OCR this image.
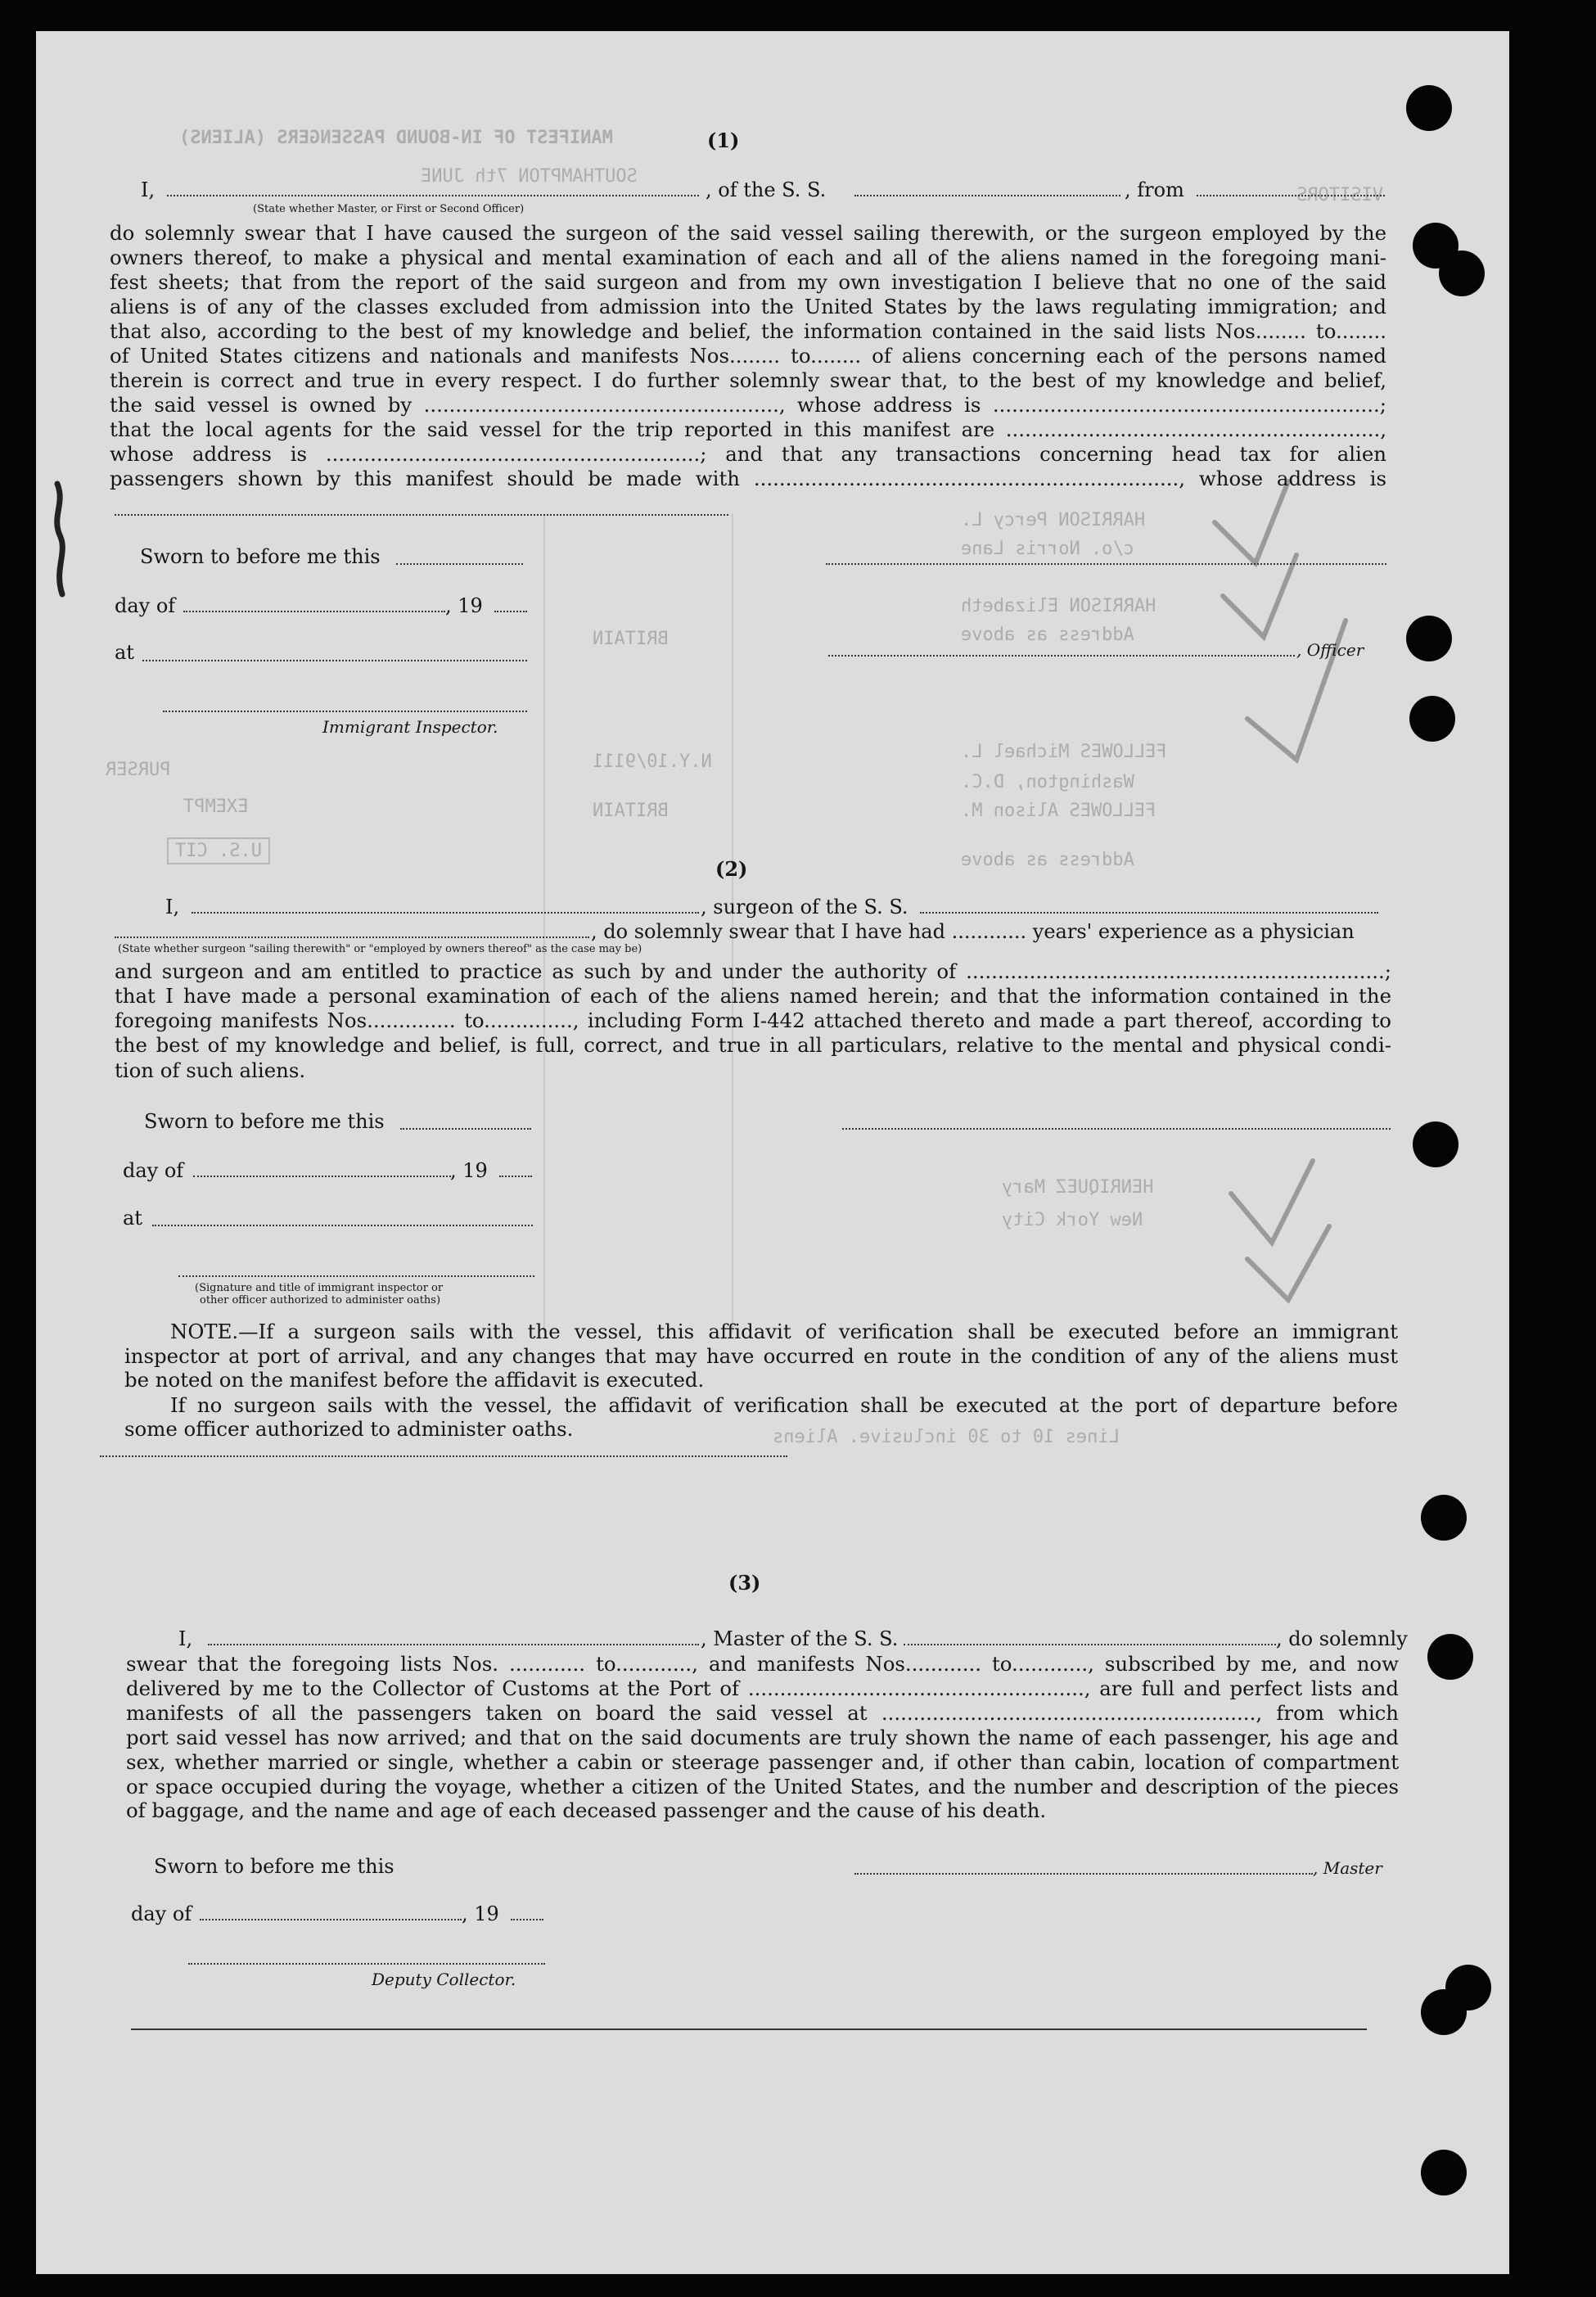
MANIFEST OF IN-BOUND PASSENGERS (ALIENS)
SOUTHAMPTON 7th JUNE
VISITORS
HARRISON Percy L.
c/o. Norris Lane
HARRISON Elizabeth
Address as above
FELLOWES Michael L.
Washington, D.C.
FELLOWES Alison M.
Address as above
HENRIQUEZ Mary
New York City
Lines 10 to 30 inclusive. Aliens
BRITAIN
N.Y.10/9111
BRITAIN
PURSER
EXEMPT
U.S. CIT
(1)
I,	, of the S. S.	, from
(State whether Master, or First or Second Officer)
do solemnly swear that I have caused the surgeon of the said vessel sailing therewith, or the surgeon employed by the
owners thereof, to make a physical and mental examination of each and all of the aliens named in the foregoing mani-
fest sheets; that from the report of the said surgeon and from my own investigation I believe that no one of the said
aliens is of any of the classes excluded from admission into the United States by the laws regulating immigration; and
that also, according to the best of my knowledge and belief, the information contained in the said lists Nos........ to........
of United States citizens and nationals and manifests Nos........ to........ of aliens concerning each of the persons named
therein is correct and true in every respect. I do further solemnly swear that, to the best of my knowledge and belief,
the said vessel is owned by ........................................................, whose address is .............................................................;
that the local agents for the said vessel for the trip reported in this manifest are ...........................................................,
whose address is ...........................................................; and that any transactions concerning head tax for alien
passengers shown by this manifest should be made with ..................................................................., whose address is
Sworn to before me this
day of	, 19
, Officer
at
Immigrant Inspector.
(2)
I,	, surgeon of the S. S.
, do solemnly swear that I have had ............ years' experience as a physician
(State whether surgeon "sailing therewith" or "employed by owners thereof" as the case may be)
and surgeon and am entitled to practice as such by and under the authority of ..................................................................;
that I have made a personal examination of each of the aliens named herein; and that the information contained in the
foregoing manifests Nos.............. to.............., including Form I-442 attached thereto and made a part thereof, according to
the best of my knowledge and belief, is full, correct, and true in all particulars, relative to the mental and physical condi-
tion of such aliens.
Sworn to before me this
day of	, 19
at
(Signature and title of immigrant inspector or
other officer authorized to administer oaths)
NOTE.—If a surgeon sails with the vessel, this affidavit of verification shall be executed before an immigrant
inspector at port of arrival, and any changes that may have occurred en route in the condition of any of the aliens must
be noted on the manifest before the affidavit is executed.
If no surgeon sails with the vessel, the affidavit of verification shall be executed at the port of departure before
some officer authorized to administer oaths.
(3)
I,	, Master of the S. S.	, do solemnly
swear that the foregoing lists Nos. ............ to............, and manifests Nos............ to............, subscribed by me, and now
delivered by me to the Collector of Customs at the Port of ....................................................., are full and perfect lists and
manifests of all the passengers taken on board the said vessel at ..........................................................., from which
port said vessel has now arrived; and that on the said documents are truly shown the name of each passenger, his age and
sex, whether married or single, whether a cabin or steerage passenger and, if other than cabin, location of compartment
or space occupied during the voyage, whether a citizen of the United States, and the number and description of the pieces
of baggage, and the name and age of each deceased passenger and the cause of his death.
Sworn to before me this	, Master
day of	, 19
Deputy Collector.
